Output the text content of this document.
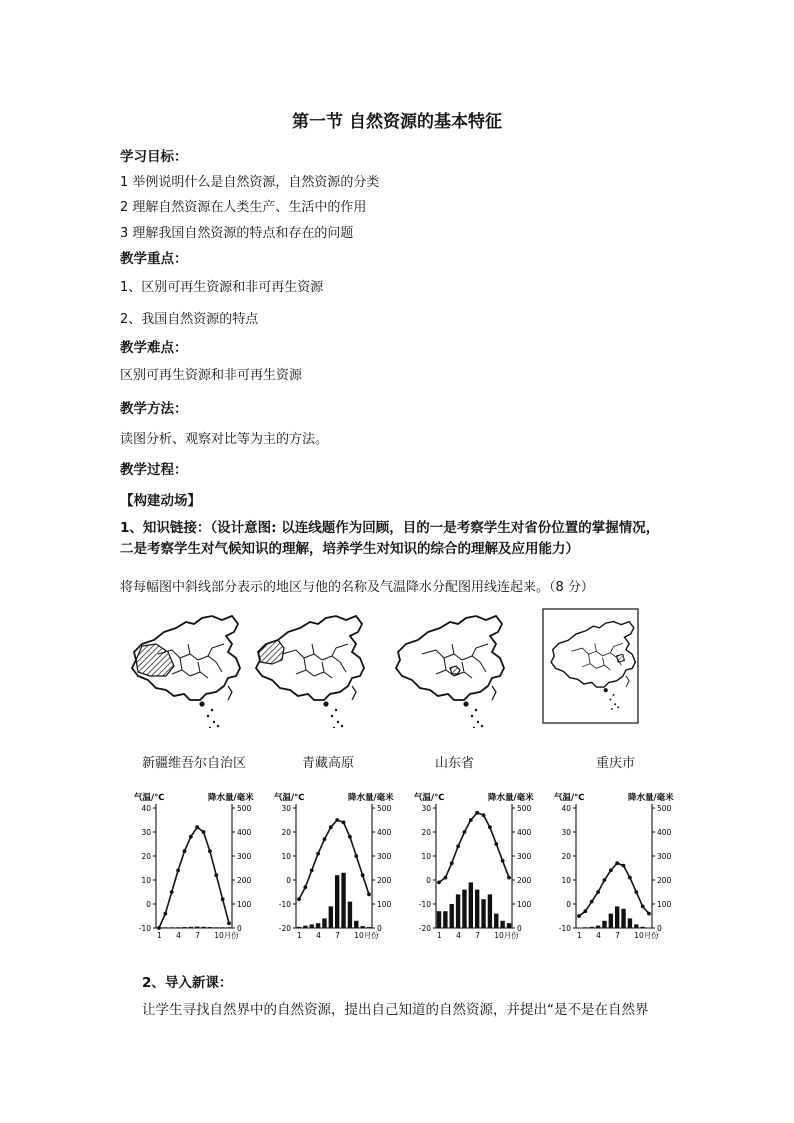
第一节 自然资源的基本特征
学习目标：
1 举例说明什么是自然资源，自然资源的分类
2 理解自然资源在人类生产、生活中的作用
3 理解我国自然资源的特点和存在的问题
教学重点：
1、区别可再生资源和非可再生资源
2、我国自然资源的特点
教学难点：
区别可再生资源和非可再生资源
教学方法：
读图分析、观察对比等为主的方法。
教学过程：
【构建动场】
1、知识链接：（设计意图: 以连线题作为回顾，目的一是考察学生对省份位置的掌握情况，
二是考察学生对气候知识的理解，培养学生对知识的综合的理解及应用能力）
将每幅图中斜线部分表示的地区与他的名称及气温降水分配图用线连起来。（8 分）
新疆维吾尔自治区	青藏高原	山东省	重庆市
气温/℃	降水量/毫米
-10
0
10
20
30
40
0
100
200
300
400
500
1 4 7 10月份
气温/℃	降水量/毫米
-20
-10
0
10
20
30
0
100
200
300
400
500
1 4 7 10月份
气温/℃	降水量/毫米
-20
-10
0
10
20
30
0
100
200
300
400
500
1 4 7 10月份
气温/℃	降水量/毫米
-10
0
10
20
30
40
0
100
200
300
400
500
1 4 7 10月份
2、导入新课：
让学生寻找自然界中的自然资源，提出自己知道的自然资源，并提出“是不是在自然界
